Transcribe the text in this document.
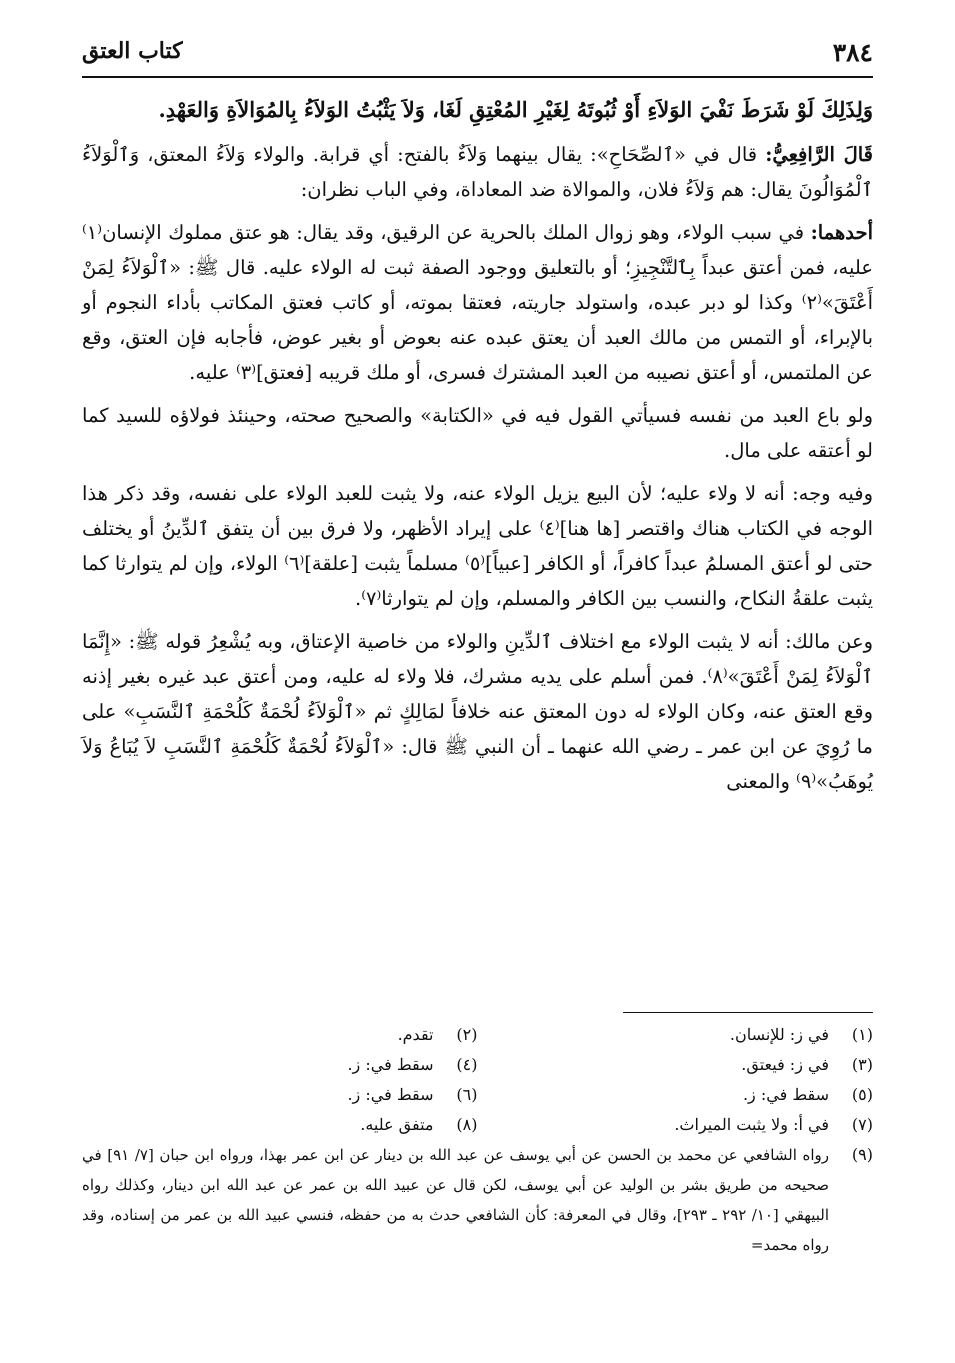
٣٨٤
كتاب العتق

وَلِذَلِكَ لَوْ شَرَطَ نَفْيَ الوَلاَءِ أَوْ ثُبُوتَهُ لِغَيْرِ المُعْتِقِ لَغَا، وَلاَ يَثْبُتُ الوَلاَءُ بِالمُوَالاَةِ وَالعَهْدِ.

قَالَ الرَّافِعِيُّ: قال في «ٱلصِّحَاحِ»: يقال بينهما وَلاَءٌ بالفتح: أي قرابة. والولاء وَلاَءُ المعتق، وَٱلْوَلاَءُ ٱلْمُوَالُونَ يقال: هم وَلاَءُ فلان، والموالاة ضد المعاداة، وفي الباب نظران:

أحدهما: في سبب الولاء، وهو زوال الملك بالحرية عن الرقيق، وقد يقال: هو عتق مملوك الإنسان⁽١⁾ عليه، فمن أعتق عبداً بِٱلتَّنْجِيزِ؛ أو بالتعليق ووجود الصفة ثبت له الولاء عليه. قال ﷺ: «ٱلْوَلاَءُ لِمَنْ أَعْتَقَ»⁽٢⁾ وكذا لو دبر عبده، واستولد جاريته، فعتقا بموته، أو كاتب فعتق المكاتب بأداء النجوم أو بالإبراء، أو التمس من مالك العبد أن يعتق عبده عنه بعوض أو بغير عوض، فأجابه فإن العتق، وقع عن الملتمس، أو أعتق نصيبه من العبد المشترك فسرى، أو ملك قريبه [فعتق]⁽٣⁾ عليه.

ولو باع العبد من نفسه فسيأتي القول فيه في «الكتابة» والصحيح صحته، وحينئذ فولاؤه للسيد كما لو أعتقه على مال.

وفيه وجه: أنه لا ولاء عليه؛ لأن البيع يزيل الولاء عنه، ولا يثبت للعبد الولاء على نفسه، وقد ذكر هذا الوجه في الكتاب هناك واقتصر [ها هنا]⁽٤⁾ على إيراد الأظهر، ولا فرق بين أن يتفق ٱلدِّينُ أو يختلف حتى لو أعتق المسلمُ عبداً كافراً، أو الكافر [عبياً]⁽٥⁾ مسلماً يثبت [علقة]⁽٦⁾ الولاء، وإن لم يتوارثا كما يثبت علقةُ النكاح، والنسب بين الكافر والمسلم، وإن لم يتوارثا⁽٧⁾.

وعن مالك: أنه لا يثبت الولاء مع اختلاف ٱلدِّينِ والولاء من خاصية الإعتاق، وبه يُشْعِرُ قوله ﷺ: «إِنَّمَا ٱلْوَلاَءُ لِمَنْ أَعْتَقَ»⁽٨⁾. فمن أسلم على يديه مشرك، فلا ولاء له عليه، ومن أعتق عبد غيره بغير إذنه وقع العتق عنه، وكان الولاء له دون المعتق عنه خلافاً لمَالِكٍ ثم «ٱلْوَلاَءُ لُحْمَةٌ كَلُحْمَةِ ٱلنَّسَبِ» على ما رُوِيَ عن ابن عمر ـ رضي الله عنهما ـ أن النبي ﷺ قال: «ٱلْوَلاَءُ لُحْمَةٌ كَلُحْمَةِ ٱلنَّسَبِ لاَ يُبَاعُ وَلاَ يُوهَبُ»⁽٩⁾ والمعنى

(١)
في ز: للإنسان.
(٢)
تقدم.
(٣)
في ز: فيعتق.
(٤)
سقط في: ز.
(٥)
سقط في: ز.
(٦)
سقط في: ز.
(٧)
في أ: ولا يثبت الميراث.
(٨)
متفق عليه.
(٩)
رواه الشافعي عن محمد بن الحسن عن أبي يوسف عن عبد الله بن دينار عن ابن عمر بهذا، ورواه ابن حبان [٧/ ٩١] في صحيحه من طريق بشر بن الوليد عن أبي يوسف، لكن قال عن عبيد الله بن عمر عن عبد الله ابن دينار، وكذلك رواه البيهقي [١٠/ ٢٩٢ ـ ٢٩٣]، وقال في المعرفة: كأن الشافعي حدث به من حفظه، فنسي عبيد الله بن عمر من إسناده، وقد رواه محمد=
